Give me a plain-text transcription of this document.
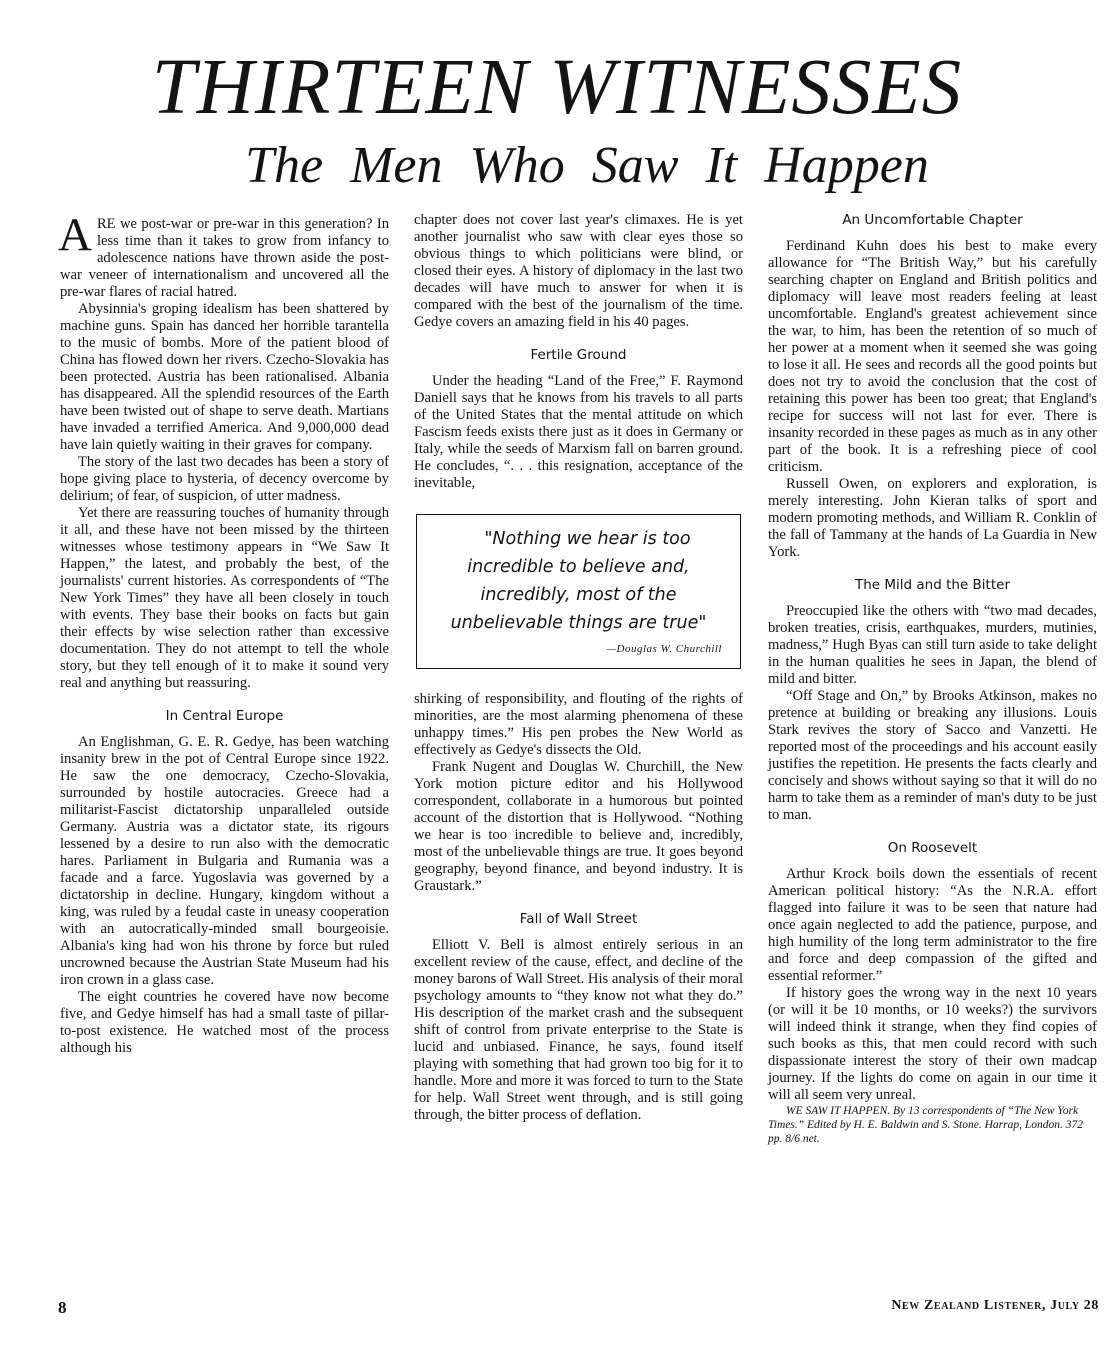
THIRTEEN WITNESSES
The Men Who Saw It Happen

ARE we post-war or pre-war in this generation? In less time than it takes to grow from infancy to adolescence nations have thrown aside the post-war veneer of internationalism and uncovered all the pre-war flares of racial hatred.

Abysinnia's groping idealism has been shattered by machine guns. Spain has danced her horrible tarantella to the music of bombs. More of the patient blood of China has flowed down her rivers. Czecho-Slovakia has been protected. Austria has been rationalised. Albania has disappeared. All the splendid resources of the Earth have been twisted out of shape to serve death. Martians have invaded a terrified America. And 9,000,000 dead have lain quietly waiting in their graves for company.

The story of the last two decades has been a story of hope giving place to hysteria, of decency overcome by delirium; of fear, of suspicion, of utter madness.

Yet there are reassuring touches of humanity through it all, and these have not been missed by the thirteen witnesses whose testimony appears in “We Saw It Happen,” the latest, and probably the best, of the journalists' current histories. As correspondents of “The New York Times” they have all been closely in touch with events. They base their books on facts but gain their effects by wise selection rather than excessive documentation. They do not attempt to tell the whole story, but they tell enough of it to make it sound very real and anything but reassuring.

In Central Europe

An Englishman, G. E. R. Gedye, has been watching insanity brew in the pot of Central Europe since 1922. He saw the one democracy, Czecho-Slovakia, surrounded by hostile autocracies. Greece had a militarist-Fascist dictatorship unparalleled outside Germany. Austria was a dictator state, its rigours lessened by a desire to run also with the democratic hares. Parliament in Bulgaria and Rumania was a facade and a farce. Yugoslavia was governed by a dictatorship in decline. Hungary, kingdom without a king, was ruled by a feudal caste in uneasy cooperation with an autocratically-minded small bourgeoisie. Albania's king had won his throne by force but ruled uncrowned because the Austrian State Museum had his iron crown in a glass case.

The eight countries he covered have now become five, and Gedye himself has had a small taste of pillar-to-post existence. He watched most of the process although his

chapter does not cover last year's climaxes. He is yet another journalist who saw with clear eyes those so obvious things to which politicians were blind, or closed their eyes. A history of diplomacy in the last two decades will have much to answer for when it is compared with the best of the journalism of the time. Gedye covers an amazing field in his 40 pages.

Fertile Ground

Under the heading “Land of the Free,” F. Raymond Daniell says that he knows from his travels to all parts of the United States that the mental attitude on which Fascism feeds exists there just as it does in Germany or Italy, while the seeds of Marxism fall on barren ground. He concludes, “. . . this resignation, acceptance of the inevitable,

"Nothing we hear is too incredible to believe and, incredibly, most of the unbelievable things are true"

—Douglas W. Churchill

shirking of responsibility, and flouting of the rights of minorities, are the most alarming phenomena of these unhappy times.” His pen probes the New World as effectively as Gedye's dissects the Old.

Frank Nugent and Douglas W. Churchill, the New York motion picture editor and his Hollywood correspondent, collaborate in a humorous but pointed account of the distortion that is Hollywood. “Nothing we hear is too incredible to believe and, incredibly, most of the unbelievable things are true. It goes beyond geography, beyond finance, and beyond industry. It is Graustark.”

Fall of Wall Street

Elliott V. Bell is almost entirely serious in an excellent review of the cause, effect, and decline of the money barons of Wall Street. His analysis of their moral psychology amounts to “they know not what they do.” His description of the market crash and the subsequent shift of control from private enterprise to the State is lucid and unbiased. Finance, he says, found itself playing with something that had grown too big for it to handle. More and more it was forced to turn to the State for help. Wall Street went through, and is still going through, the bitter process of deflation.

An Uncomfortable Chapter

Ferdinand Kuhn does his best to make every allowance for “The British Way,” but his carefully searching chapter on England and British politics and diplomacy will leave most readers feeling at least uncomfortable. England's greatest achievement since the war, to him, has been the retention of so much of her power at a moment when it seemed she was going to lose it all. He sees and records all the good points but does not try to avoid the conclusion that the cost of retaining this power has been too great; that England's recipe for success will not last for ever. There is insanity recorded in these pages as much as in any other part of the book. It is a refreshing piece of cool criticism.

Russell Owen, on explorers and exploration, is merely interesting. John Kieran talks of sport and modern promoting methods, and William R. Conklin of the fall of Tammany at the hands of La Guardia in New York.

The Mild and the Bitter

Preoccupied like the others with “two mad decades, broken treaties, crisis, earthquakes, murders, mutinies, madness,” Hugh Byas can still turn aside to take delight in the human qualities he sees in Japan, the blend of mild and bitter.

“Off Stage and On,” by Brooks Atkinson, makes no pretence at building or breaking any illusions. Louis Stark revives the story of Sacco and Vanzetti. He reported most of the proceedings and his account easily justifies the repetition. He presents the facts clearly and concisely and shows without saying so that it will do no harm to take them as a reminder of man's duty to be just to man.

On Roosevelt

Arthur Krock boils down the essentials of recent American political history: “As the N.R.A. effort flagged into failure it was to be seen that nature had once again neglected to add the patience, purpose, and high humility of the long term administrator to the fire and force and deep compassion of the gifted and essential reformer.”

If history goes the wrong way in the next 10 years (or will it be 10 months, or 10 weeks?) the survivors will indeed think it strange, when they find copies of such books as this, that men could record with such dispassionate interest the story of their own madcap journey. If the lights do come on again in our time it will all seem very unreal.

WE SAW IT HAPPEN. By 13 correspondents of “The New York Times.” Edited by H. E. Baldwin and S. Stone. Harrap, London. 372 pp. 8/6 net.

8	New Zealand Listener, July 28
